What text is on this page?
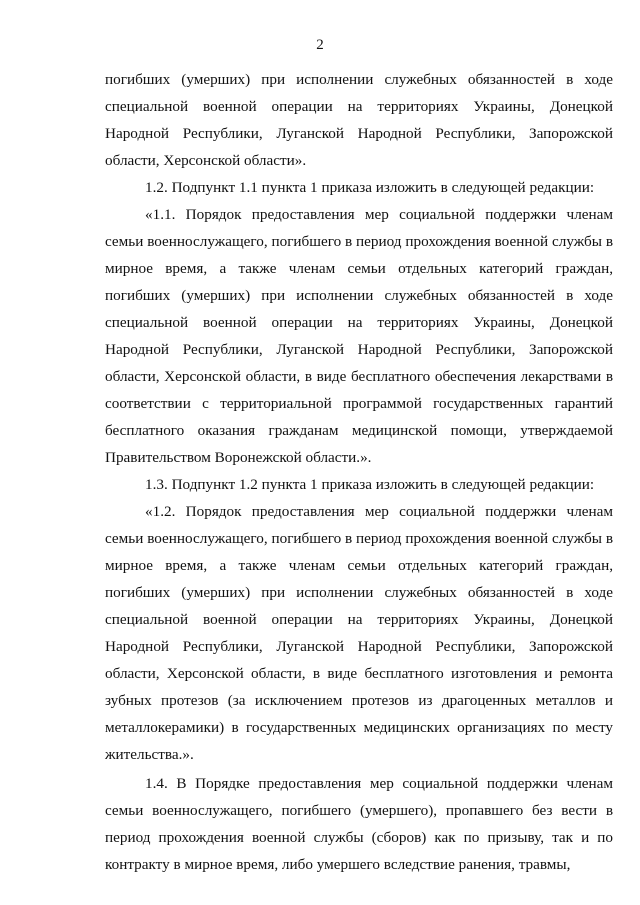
2

погибших (умерших) при исполнении служебных обязанностей в ходе специальной военной операции на территориях Украины, Донецкой Народной Республики, Луганской Народной Республики, Запорожской области, Херсонской области».

1.2. Подпункт 1.1 пункта 1 приказа изложить в следующей редакции:

«1.1. Порядок предоставления мер социальной поддержки членам семьи военнослужащего, погибшего в период прохождения военной службы в мирное время, а также членам семьи отдельных категорий граждан, погибших (умерших) при исполнении служебных обязанностей в ходе специальной военной операции на территориях Украины, Донецкой Народной Республики, Луганской Народной Республики, Запорожской области, Херсонской области, в виде бесплатного обеспечения лекарствами в соответствии с территориальной программой государственных гарантий бесплатного оказания гражданам медицинской помощи, утверждаемой Правительством Воронежской области.».

1.3. Подпункт 1.2 пункта 1 приказа изложить в следующей редакции:

«1.2. Порядок предоставления мер социальной поддержки членам семьи военнослужащего, погибшего в период прохождения военной службы в мирное время, а также членам семьи отдельных категорий граждан, погибших (умерших) при исполнении служебных обязанностей в ходе специальной военной операции на территориях Украины, Донецкой Народной Республики, Луганской Народной Республики, Запорожской области, Херсонской области, в виде бесплатного изготовления и ремонта зубных протезов (за исключением протезов из драгоценных металлов и металлокерамики) в государственных медицинских организациях по месту жительства.».

1.4. В Порядке предоставления мер социальной поддержки членам семьи военнослужащего, погибшего (умершего), пропавшего без вести в период прохождения военной службы (сборов) как по призыву, так и по контракту в мирное время, либо умершего вследствие ранения, травмы,
